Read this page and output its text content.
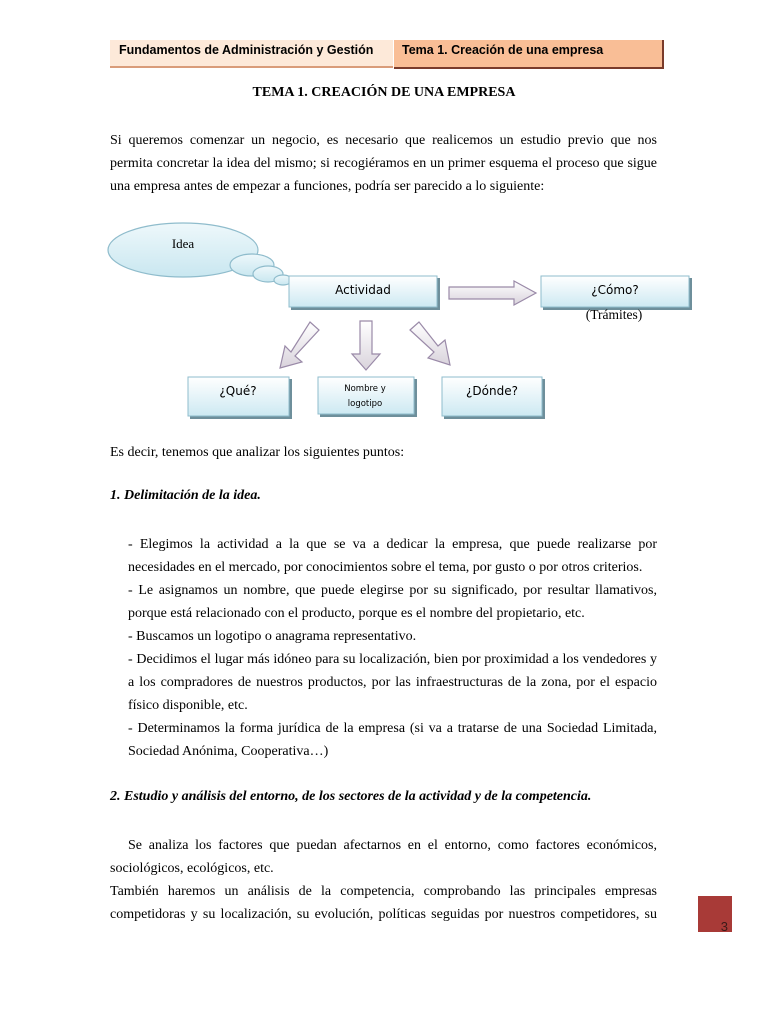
Fundamentos de Administración y Gestión	Tema 1. Creación de una empresa
TEMA 1. CREACIÓN DE UNA EMPRESA
Si queremos comenzar un negocio, es necesario que realicemos un estudio previo que nos permita concretar la idea del mismo; si recogiéramos en un primer esquema el proceso que sigue una empresa antes de empezar a funciones, podría ser parecido a lo siguiente:
Idea
Actividad	¿Cómo?
(Trámites)
¿Qué?	Nombre y
logotipo
¿Dónde?
Es decir, tenemos que analizar los siguientes puntos:
1. Delimitación de la idea.
- Elegimos la actividad a la que se va a dedicar la empresa, que puede realizarse por necesidades en el mercado, por conocimientos sobre el tema, por gusto o por otros criterios.
- Le asignamos un nombre, que puede elegirse por su significado, por resultar llamativos, porque está relacionado con el producto, porque es el nombre del propietario, etc.
- Buscamos un logotipo o anagrama representativo.
- Decidimos el lugar más idóneo para su localización, bien por proximidad a los vendedores y a los compradores de nuestros productos, por las infraestructuras de la zona, por el espacio físico disponible, etc.
- Determinamos la forma jurídica de la empresa (si va a tratarse de una Sociedad Limitada, Sociedad Anónima, Cooperativa…)
2. Estudio y análisis del entorno, de los sectores de la actividad y de la competencia.
Se analiza los factores que puedan afectarnos en el entorno, como factores económicos, sociológicos, ecológicos, etc.
También haremos un análisis de la competencia, comprobando las principales empresas competidoras y su localización, su evolución, políticas seguidas por nuestros competidores, su
3
